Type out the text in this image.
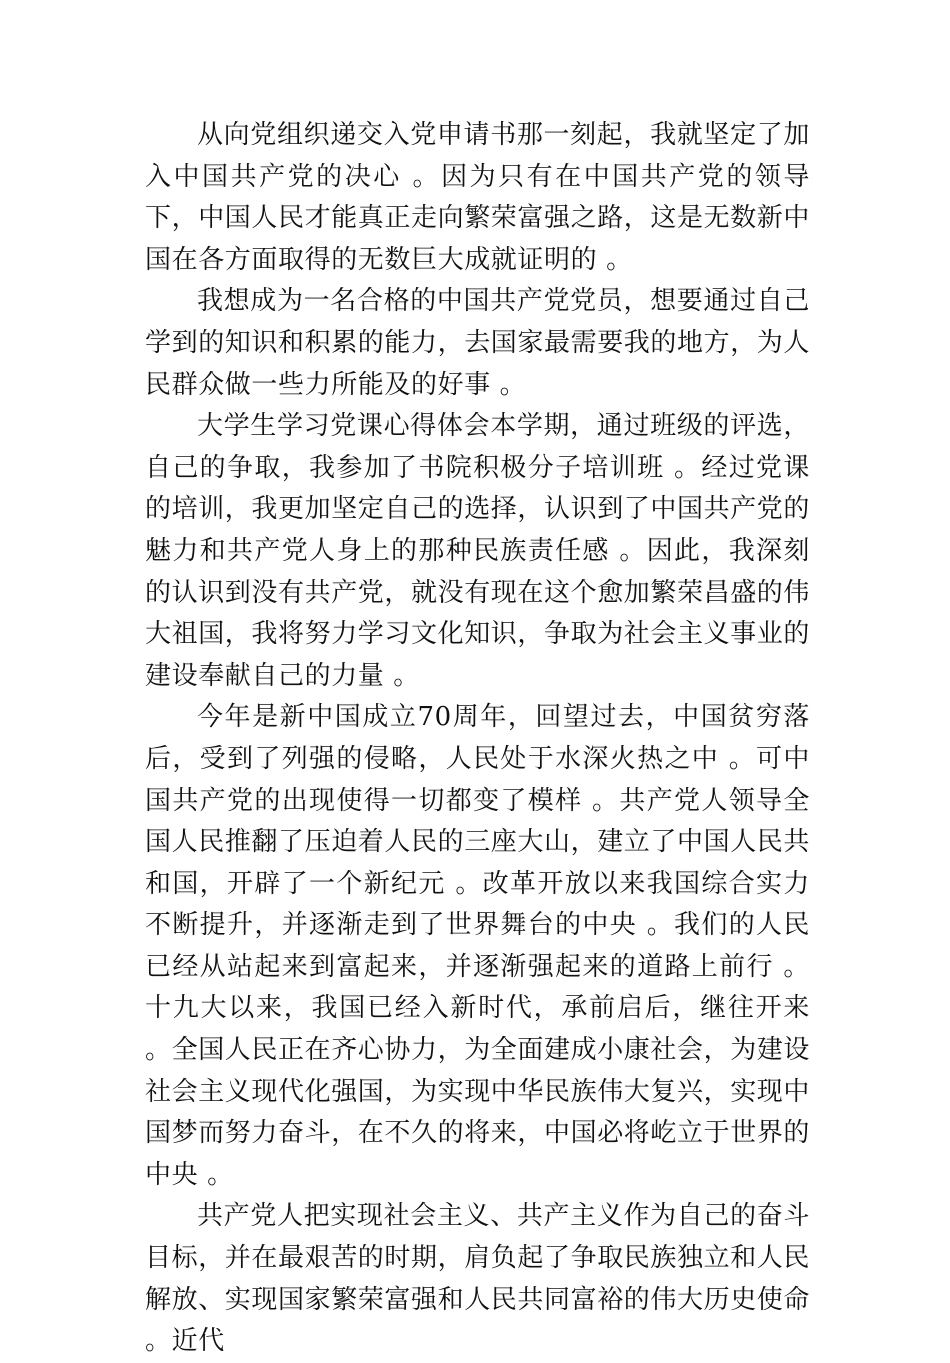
从向党组织递交入党申请书那一刻起，我就坚定了加入中国共产党的决心 。因为只有在中国共产党的领导下，中国人民才能真正走向繁荣富强之路，这是无数新中国在各方面取得的无数巨大成就证明的 。

我想成为一名合格的中国共产党党员，想要通过自己学到的知识和积累的能力，去国家最需要我的地方，为人民群众做一些力所能及的好事 。

大学生学习党课心得体会本学期，通过班级的评选，自己的争取，我参加了书院积极分子培训班 。经过党课的培训，我更加坚定自己的选择，认识到了中国共产党的魅力和共产党人身上的那种民族责任感 。因此，我深刻的认识到没有共产党，就没有现在这个愈加繁荣昌盛的伟大祖国，我将努力学习文化知识，争取为社会主义事业的建设奉献自己的力量 。

今年是新中国成立70周年，回望过去，中国贫穷落后，受到了列强的侵略，人民处于水深火热之中 。可中国共产党的出现使得一切都变了模样 。共产党人领导全国人民推翻了压迫着人民的三座大山，建立了中国人民共和国，开辟了一个新纪元 。改革开放以来我国综合实力不断提升，并逐渐走到了世界舞台的中央 。我们的人民已经从站起来到富起来，并逐渐强起来的道路上前行 。十九大以来，我国已经入新时代，承前启后，继往开来 。全国人民正在齐心协力，为全面建成小康社会，为建设社会主义现代化强国，为实现中华民族伟大复兴，实现中国梦而努力奋斗，在不久的将来，中国必将屹立于世界的中央 。

共产党人把实现社会主义、共产主义作为自己的奋斗目标，并在最艰苦的时期，肩负起了争取民族独立和人民解放、实现国家繁荣富强和人民共同富裕的伟大历史使命 。近代
